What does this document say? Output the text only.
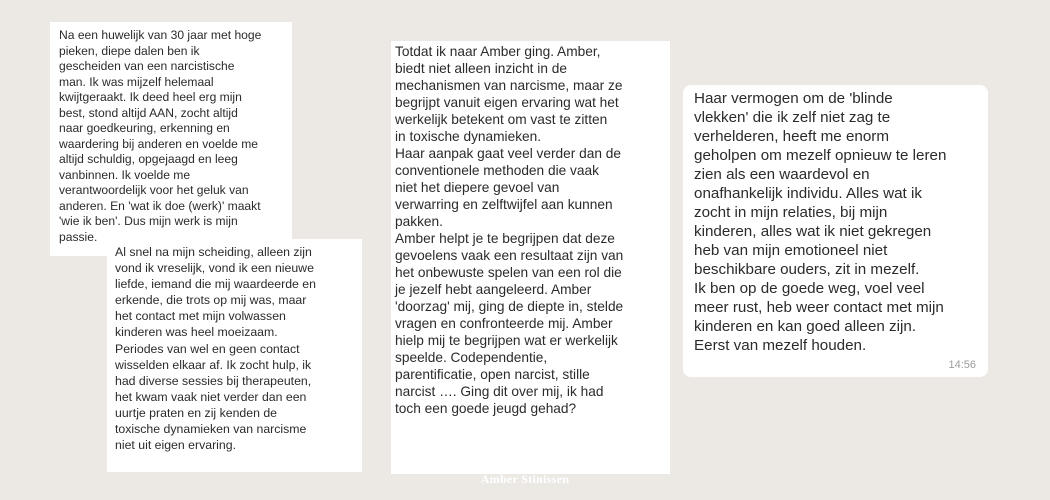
Na een huwelijk van 30 jaar met hoge
pieken, diepe dalen ben ik
gescheiden van een narcistische
man. Ik was mijzelf helemaal
kwijtgeraakt. Ik deed heel erg mijn
best, stond altijd AAN, zocht altijd
naar goedkeuring, erkenning en
waardering bij anderen en voelde me
altijd schuldig, opgejaagd en leeg
vanbinnen. Ik voelde me
verantwoordelijk voor het geluk van
anderen. En 'wat ik doe (werk)' maakt
'wie ik ben'. Dus mijn werk is mijn
passie.

Al snel na mijn scheiding, alleen zijn
vond ik vreselijk, vond ik een nieuwe
liefde, iemand die mij waardeerde en
erkende, die trots op mij was, maar
het contact met mijn volwassen
kinderen was heel moeizaam.
Periodes van wel en geen contact
wisselden elkaar af. Ik zocht hulp, ik
had diverse sessies bij therapeuten,
het kwam vaak niet verder dan een
uurtje praten en zij kenden de
toxische dynamieken van narcisme
niet uit eigen ervaring.

Totdat ik naar Amber ging. Amber,
biedt niet alleen inzicht in de
mechanismen van narcisme, maar ze
begrijpt vanuit eigen ervaring wat het
werkelijk betekent om vast te zitten
in toxische dynamieken.
Haar aanpak gaat veel verder dan de
conventionele methoden die vaak
niet het diepere gevoel van
verwarring en zelftwijfel aan kunnen
pakken.
Amber helpt je te begrijpen dat deze
gevoelens vaak een resultaat zijn van
het onbewuste spelen van een rol die
je jezelf hebt aangeleerd. Amber
'doorzag' mij, ging de diepte in, stelde
vragen en confronteerde mij. Amber
hielp mij te begrijpen wat er werkelijk
speelde. Codependentie,
parentificatie, open narcist, stille
narcist …. Ging dit over mij, ik had
toch een goede jeugd gehad?

Haar vermogen om de 'blinde
vlekken' die ik zelf niet zag te
verhelderen, heeft me enorm
geholpen om mezelf opnieuw te leren
zien als een waardevol en
onafhankelijk individu. Alles wat ik
zocht in mijn relaties, bij mijn
kinderen, alles wat ik niet gekregen
heb van mijn emotioneel niet
beschikbare ouders, zit in mezelf.
Ik ben op de goede weg, voel veel
meer rust, heb weer contact met mijn
kinderen en kan goed alleen zijn.
Eerst van mezelf houden.

14:56
Amber Stinissen
